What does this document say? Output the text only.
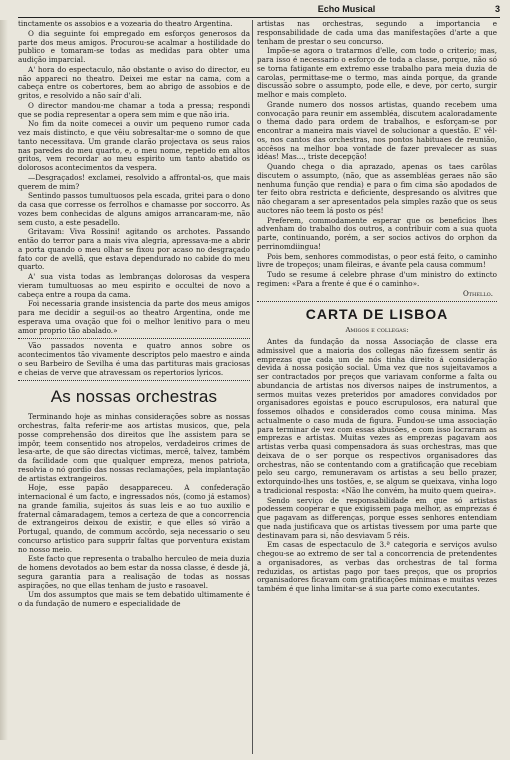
Echo Musical	3

tinctamente os assobios e a vozearia do theatro Argentina.

O dia seguinte foi empregado em esforços generosos da parte dos meus amigos. Procurou-se acalmar a hostilidade do publico e tomaram-se todas as medidas para obter uma audição imparcial.

A' hora do espectaculo, não obstante o aviso do director, eu não appareci no theatro. Deixei me estar na cama, com a cabeça entre os cobertores, bem ao abrigo de assobios e de gritos, e resolvido a não saír d'ali.

O director mandou-me chamar a toda a pressa; respondi que se podia representar a opera sem mim e que não iria.

No fim da noite comecei a ouvir um pequeno rumor cada vez mais distincto, e que vêiu sobresaltar-me o somno de que tanto necessitava. Um grande clarão projectava os seus raios nas paredes do meu quarto, e, o meu nome, repetido em altos gritos, vem recordar ao meu espirito um tanto abatido os dolorosos acontecimentos da vespera.

—Desgraçados! exclamei, resolvido a affrontal-os, que mais querem de mim?

Sentindo passos tumultuosos pela escada, gritei para o dono da casa que corresse os ferrolhos e chamasse por soccorro. As vozes bem conhecidas de alguns amigos arrancaram-me, não sem custo, a este pesadello.

Gritavam: Viva Rossini! agitando os archotes. Passando então do terror para a mais viva alegria, apressava-me a abrir a porta quando o meu olhar se fixou por acaso no desgraçado fato cor de avellã, que estava dependurado no cabide do meu quarto.

A' sua vista todas as lembranças dolorosas da vespera vieram tumultuosas ao meu espirito e occultei de novo a cabeça entre a roupa da cama.

Foi necessaria grande insistencia da parte dos meus amigos para me decidir a seguil-os ao theatro Argentina, onde me esperava uma ovação que foi o melhor lenitivo para o meu amor proprio tão abalado.»

Vão passados noventa e quatro annos sobre os acontecimentos tão vivamente descriptos pelo maestro e ainda o seu Barbeiro de Sevilha é uma das partituras mais graciosas e cheias de verve que atravessam os repertorios lyricos.

As nossas orchestras

Terminando hoje as minhas considerações sobre as nossas orchestras, falta referir-me aos artistas musicos, que, pela posse comprehensão dos direitos que lhe assistem para se impôr, teem consentido nos atropelos, verdadeiros crimes de lesa-arte, de que são directas victimas, mercê, talvez, também da facilidade com que qualquer empreza, menos patriota, resolvia o nó gordio das nossas reclamações, pela implantação de artistas extrangeiros.

Hoje, esse papão desappareceu. A confederação internacional é um facto, e ingressados nós, (como já estamos) na grande familia, sujeitos ás suas leis e ao tuo auxilio e fraternal câmaradagem, temos a certeza de que a concorrencia de extrangeiros deixou de existir, e que elles só virão a Portugal, quando, de commum accôrdo, seja necessario o seu concurso artistico para supprir faltas que porventura existam no nosso meio.

Este facto que representa o trabalho herculeo de meia duzia de homens devotados ao bem estar da nossa classe, é desde já, segura garantia para a realisação de todas as nossas aspirações, no que ellas tenham de justo e rasoavel.

Um dos assumptos que mais se tem debatido ultimamente é o da fundação de numero e especialidade de

artistas nas orchestras, segundo a importancia e responsabilidade de cada uma das manifestações d'arte a que tenham de prestar o seu concurso.

Impõe-se agora o tratarmos d'elle, com todo o criterio; mas, para isso é necessario o esforço de toda a classe, porque, não só se torna fatigante em extremo esse trabalho para meia duzia de carolas, permittase-me o termo, mas ainda porque, da grande discussão sobre o assumpto, pode elle, e deve, por certo, surgir melhor e mais completo.

Grande numero dos nossos artistas, quando recebem uma convocação para reunir em assembléa, discutem acaloradamente o thema dado para ordem de trabalhos, e esforçam-se por encontrar a maneira mais viavel de solucionar a questão. E' vêl-os, nos cantos das orchestras, nos pontos habituaes de reunião, accêsos na melhor boa vontade de fazer prevalecer as suas idéas! Mas..., triste decepção!

Quando chega o dia aprazado, apenas os taes carôlas discutem o assumpto, (não, que as assembléas geraes não são nenhuma função que rendia) e para o fim cima são apodados de ter feito obra restricta e deficiente, despresando os alvitres que não chegaram a ser apresentados pela simples razão que os seus auctores não teem lá posto os pés!

Preferem, commodamente esperar que os beneficios lhes advenham do trabalho dos outros, a contribuir com a sua quota parte, continuando, porém, a ser socios activos do orphon da perrinomdiingua!

Pois bem, senhores commodistas, o peor está feito, o caminho livre de tropeços; unam fileiras, e ávante pela causa commum!

Tudo se resume á celebre phrase d'um ministro do extincto regimen: «Para a frente é que é o caminho».

Othello.
CARTA DE LISBOA
Amigos e collegas:

Antes da fundação da nossa Associação de classe era admissivel que a maioria dos collegas não fizessem sentir ás emprezas que cada um de nós tinha direito á consideração devida á nossa posição social. Uma vez que nos sujeitavamos a ser contractados por preços que variavam conforme a falta ou abundancia de artistas nos diversos naipes de instrumentos, a sermos muitas vezes preteridos por amadores convidados por organisadores egoistas e pouco escrupulosos, era natural que fossemos olhados e considerados como cousa minima. Mas actualmente o caso muda de figura. Fundou-se uma associação para terminar de vez com essas abusões, e com isso locraram as emprezas e artistas. Muitas vezes as emprezas pagavam aos artistas verba quasi compensadora ás suas orchestras, mas que deixava de o ser porque os respectivos organisadores das orchestras, não se contentando com a gratificação que recebiam pelo seu cargo, remuneravam os artistas a seu bello prazer, extorquindo-lhes uns tostões, e, se algum se queixava, vinha logo a tradicional resposta: «Não lhe convém, ha muito quem queira».

Sendo serviço de responsabilidade em que só artistas podessem cooperar e que exigissem paga melhor, as emprezas é que pagavam as differenças, porque esses senhores entendiam que nada justificava que os artistas tivessem por uma parte que destinavam para si, não desviavam 5 réis.

Em casas de espectaculo de 3.ª categoria e serviços avulso chegou-se ao extremo de ser tal a concorrencia de pretendentes a organisadores, as verbas das orchestras de tal forma reduzidas, os artistas pago por taes preços, que os proprios organisadores ficavam com gratificações minimas e muitas vezes também é que linha limitar-se á sua parte como executantes.
